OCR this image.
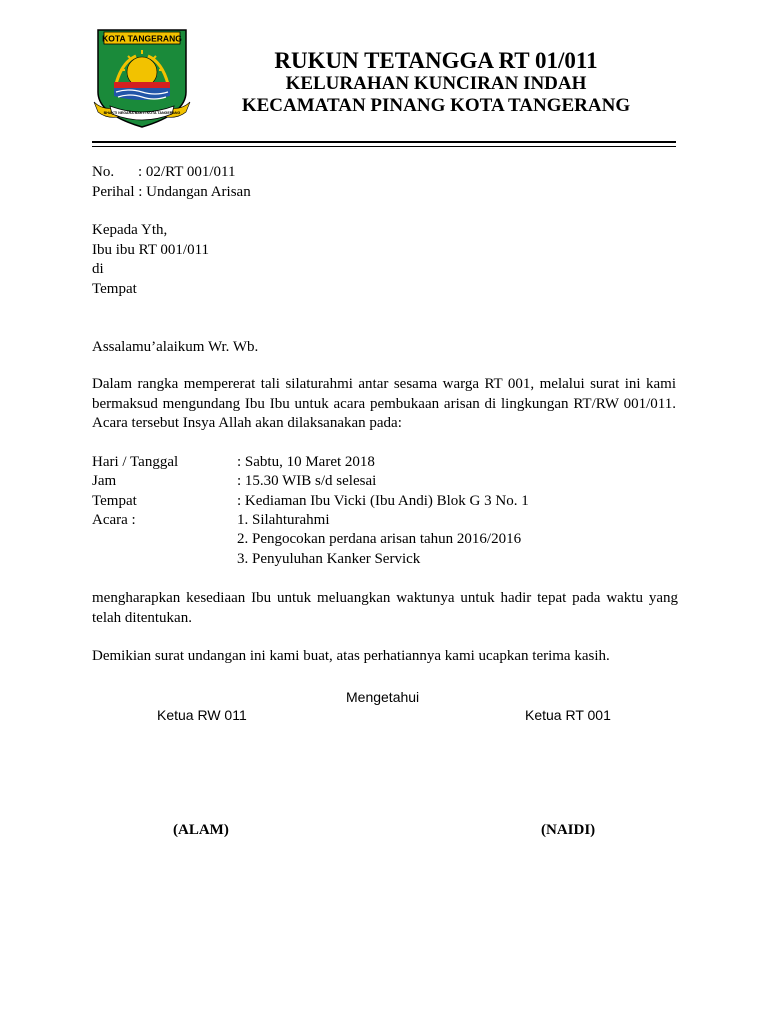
KOTA TANGERANG
BHAKTI NEGARA BAKTI KOTA TANGERANG
RUKUN TETANGGA RT 01/011
KELURAHAN KUNCIRAN INDAH
KECAMATAN PINANG KOTA TANGERANG
No. : 02/RT 001/011
Perihal : Undangan Arisan
Kepada Yth,
Ibu ibu RT 001/011
di
Tempat
Assalamu’alaikum Wr. Wb.
Dalam rangka mempererat tali silaturahmi antar sesama warga RT 001, melalui surat ini kami bermaksud mengundang Ibu Ibu untuk acara pembukaan arisan di lingkungan RT/RW 001/011. Acara tersebut Insya Allah akan dilaksanakan pada:
Hari / Tanggal	: Sabtu, 10 Maret 2018
Jam	: 15.30 WIB s/d selesai
Tempat	: Kediaman Ibu Vicki (Ibu Andi) Blok G 3 No. 1
Acara :	1. Silahturahmi
2. Pengocokan perdana arisan tahun 2016/2016
3. Penyuluhan Kanker Servick
mengharapkan kesediaan Ibu untuk meluangkan waktunya untuk hadir tepat pada waktu yang telah ditentukan.
Demikian surat undangan ini kami buat, atas perhatiannya kami ucapkan terima kasih.
Mengetahui
Ketua RW 011	Ketua RT 001
(ALAM)	(NAIDI)
